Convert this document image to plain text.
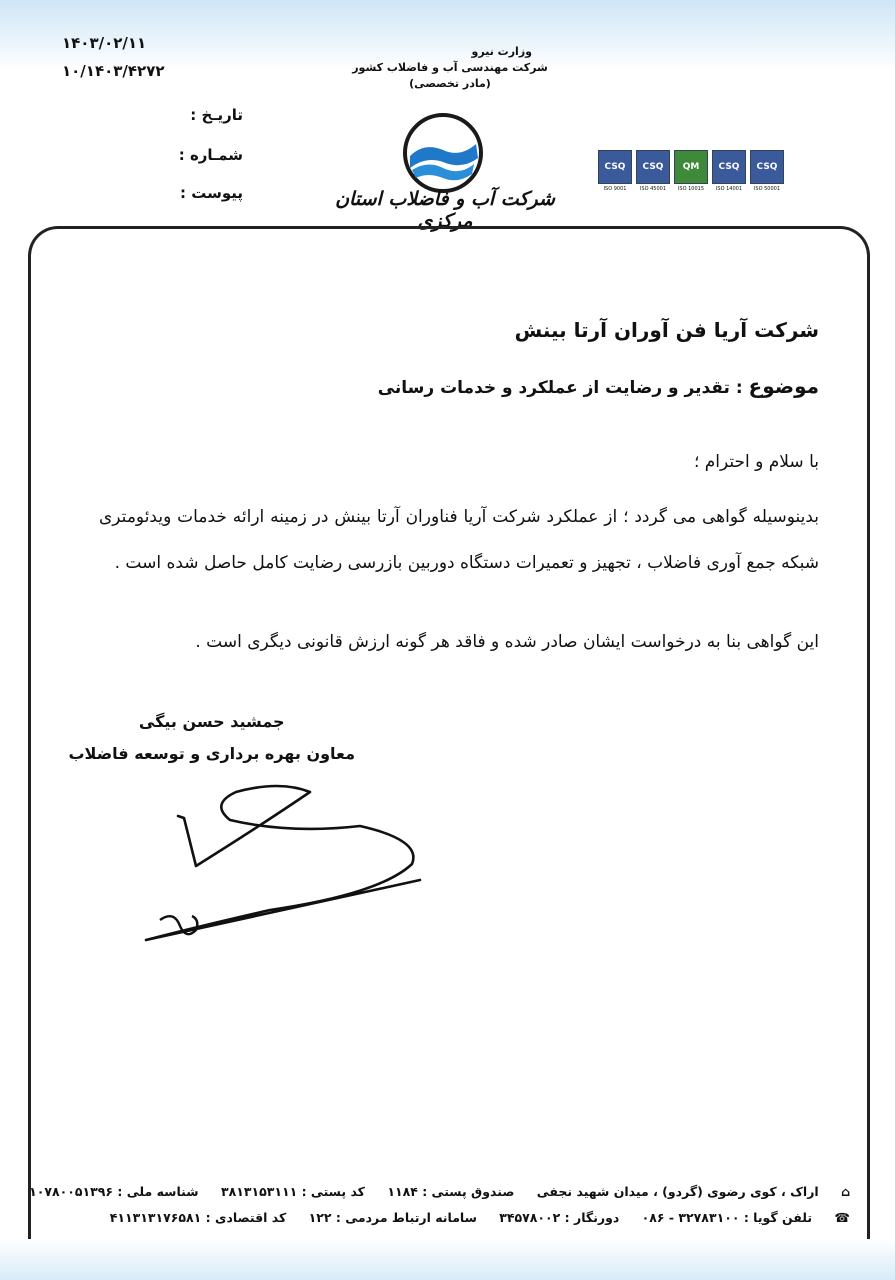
۱۴۰۳/۰۲/۱۱
۱۰/۱۴۰۳/۴۲۷۲
وزارت نیرو
شرکت مهندسی آب و فاضلاب کشور
(مادر تخصصی)
شرکت آب و فاضلاب استان مرکزی
تاریـخ :
شمـاره :
پیوست :
CSQ
ISO 9001
CSQ
ISO 45001
QM
ISO 10015
CSQ
ISO 14001
CSQ
ISO 50001
شرکت آریا فن آوران آرتا بینش
موضوع : تقدیر و رضایت از عملکرد و خدمات رسانی
با سلام و احترام ؛
بدینوسیله گواهی می گردد ؛ از عملکرد شرکت آریا فناوران آرتا بینش در زمینه ارائه خدمات ویدئومتری شبکه جمع آوری فاضلاب ، تجهیز و تعمیرات دستگاه دوربین بازرسی رضایت کامل حاصل شده است .
این گواهی بنا به درخواست ایشان صادر شده و فاقد هر گونه ارزش قانونی دیگری است .
جمشید حسن بیگی
معاون بهره برداری و توسعه فاضلاب
⌂ اراک ، کوی رضوی (گردو) ، میدان شهید نجفی صندوق پستی : ۱۱۸۴ کد پستی : ۳۸۱۳۱۵۳۱۱۱ شناسه ملی : ۱۰۷۸۰۰۵۱۳۹۶
☎ تلفن گویا : ۳۲۷۸۳۱۰۰ - ۰۸۶ دورنگار : ۳۴۵۷۸۰۰۲ سامانه ارتباط مردمی : ۱۲۲ کد اقتصادی : ۴۱۱۳۱۳۱۷۶۵۸۱
